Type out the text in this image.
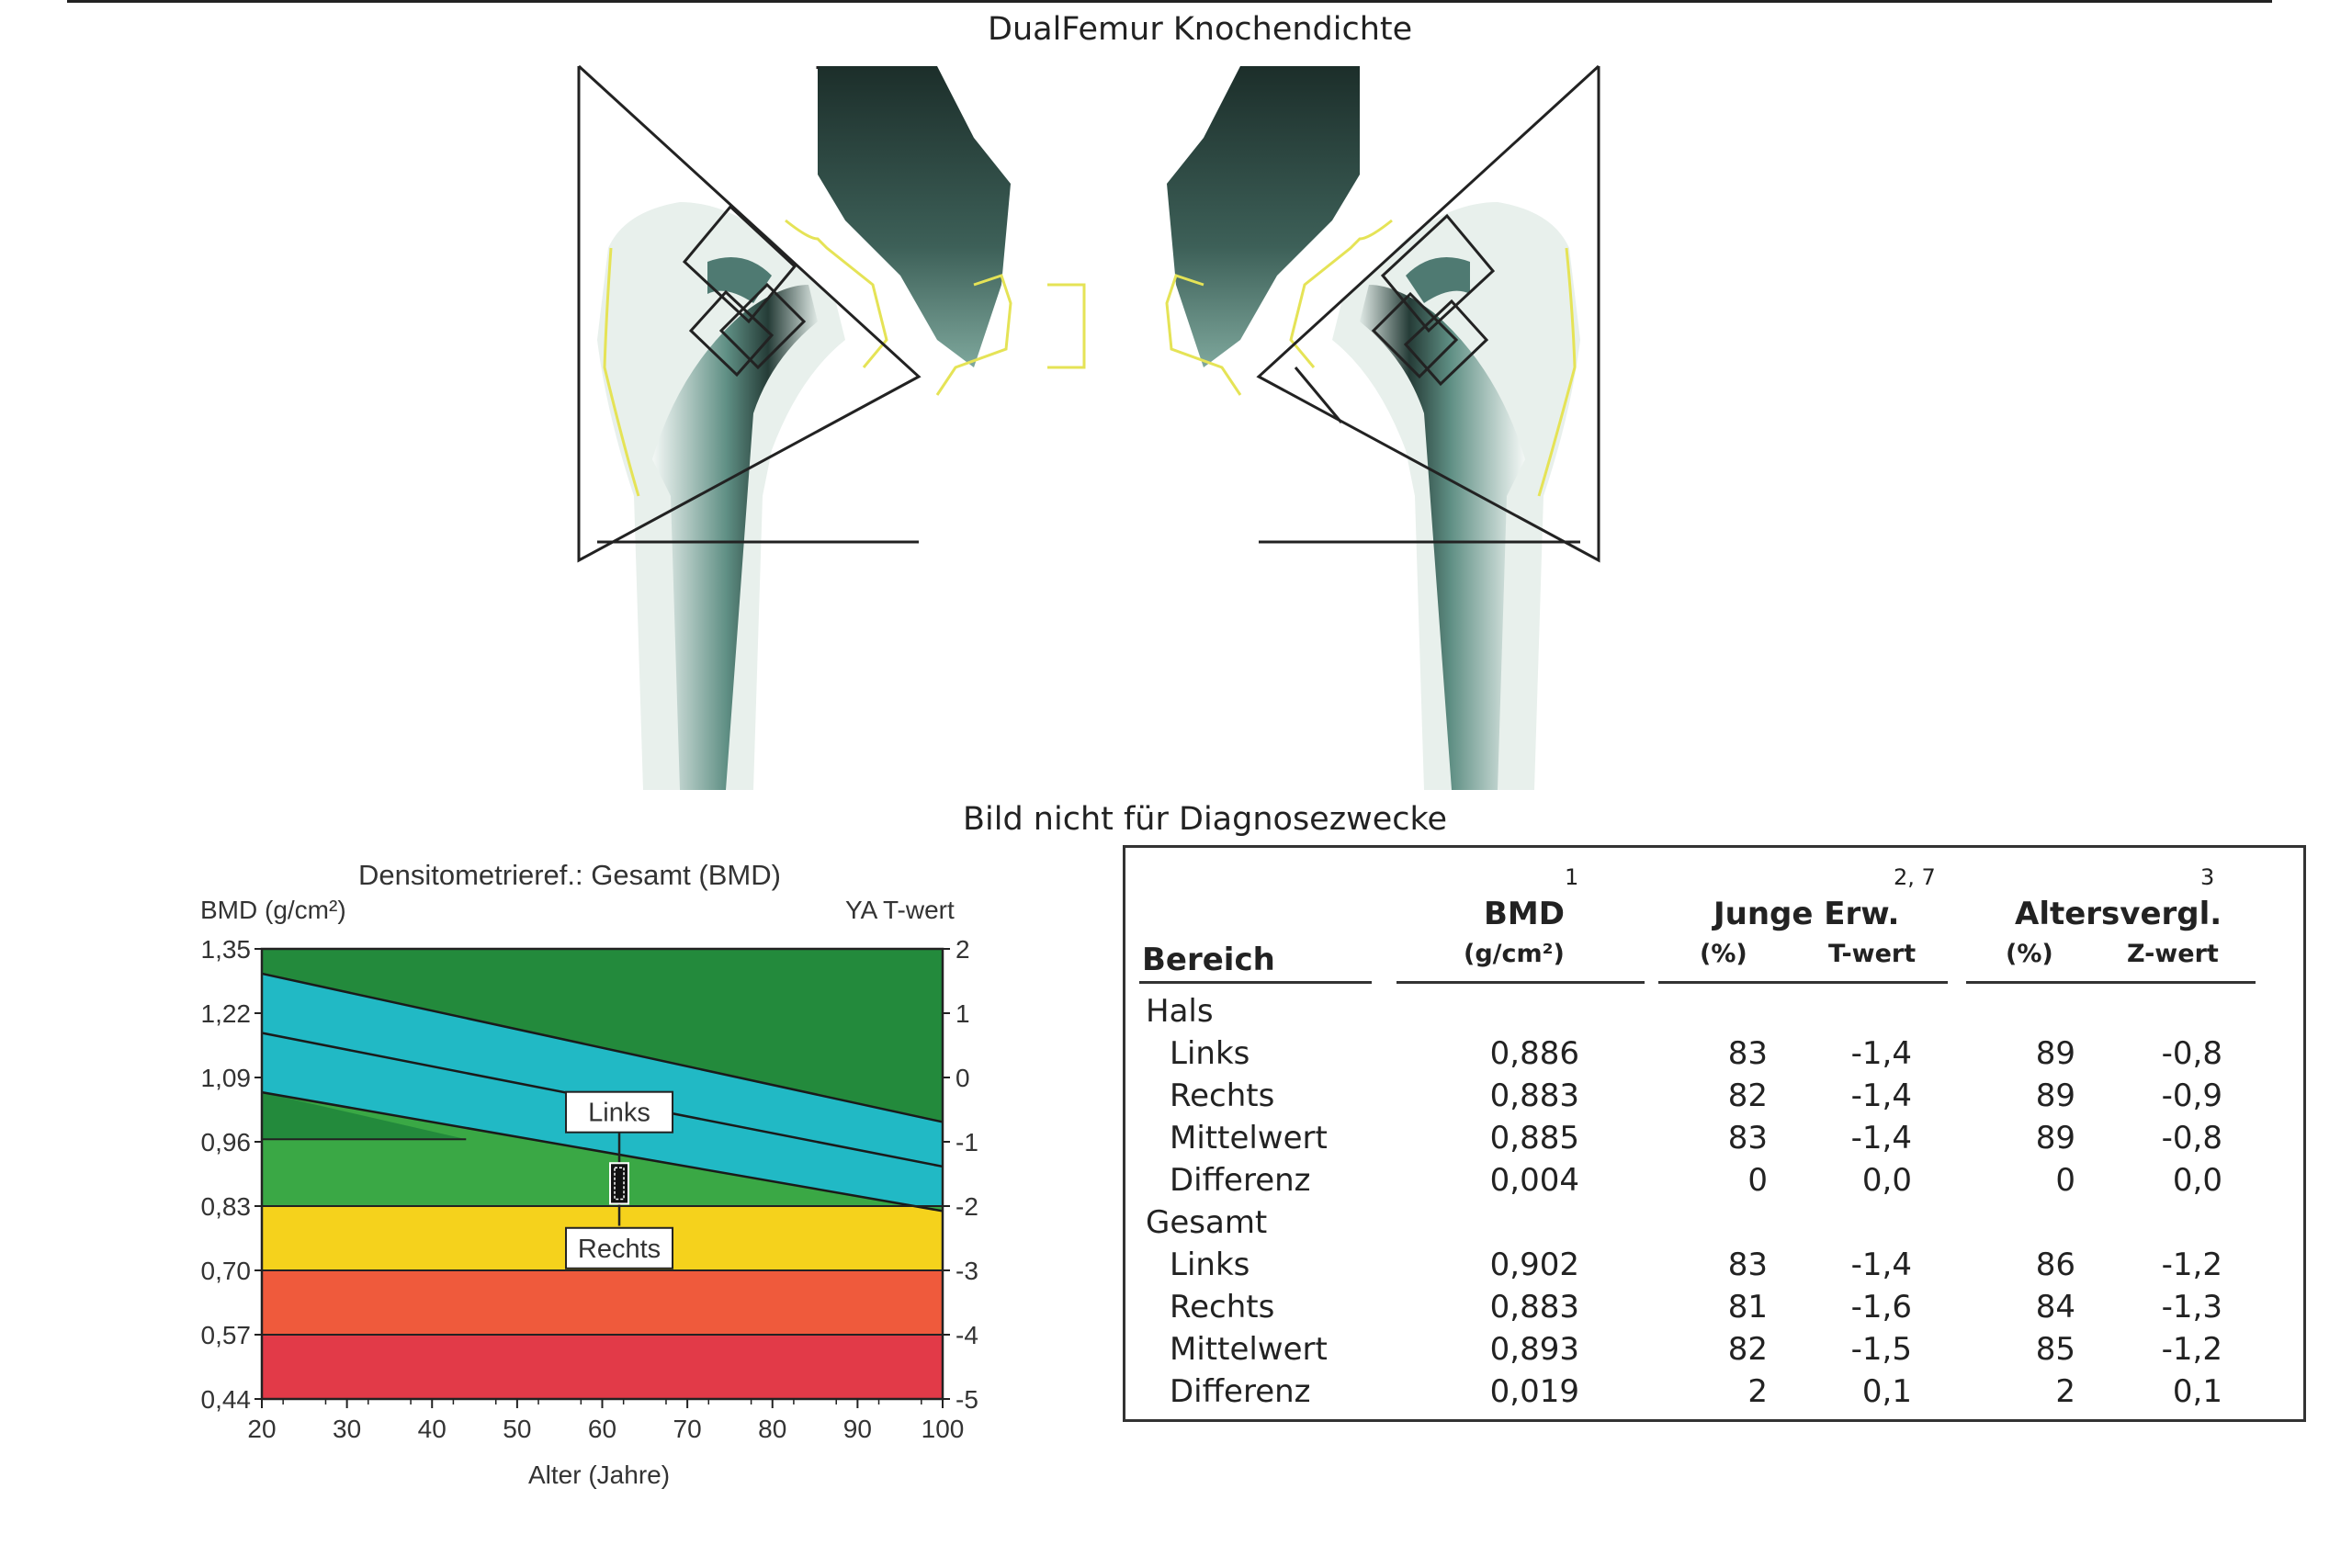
DualFemur Knochendichte
Bild nicht für Diagnosezwecke
1,35
1,22
1,09
0,96
0,83
0,70
0,57
0,44
2
1
0
-1
-2
-3
-4
-5
20 30 40 50 60 70 80 90 100
Links
Rechts
Densitometrieref.: Gesamt (BMD)
BMD (g/cm²)	YA T-wert
Alter (Jahre)
Bereich
1
BMD
(g/cm²)
2, 7
Junge Erw.
(%)	T-wert
3
Altersvergl.
(%)	Z-wert
Hals
Links	0,886	83	-1,4	89	-0,8
Rechts	0,883	82	-1,4	89	-0,9
Mittelwert	0,885	83	-1,4	89	-0,8
Differenz	0,004	0	0,0	0	0,0
Gesamt
Links	0,902	83	-1,4	86	-1,2
Rechts	0,883	81	-1,6	84	-1,3
Mittelwert	0,893	82	-1,5	85	-1,2
Differenz	0,019	2	0,1	2	0,1
